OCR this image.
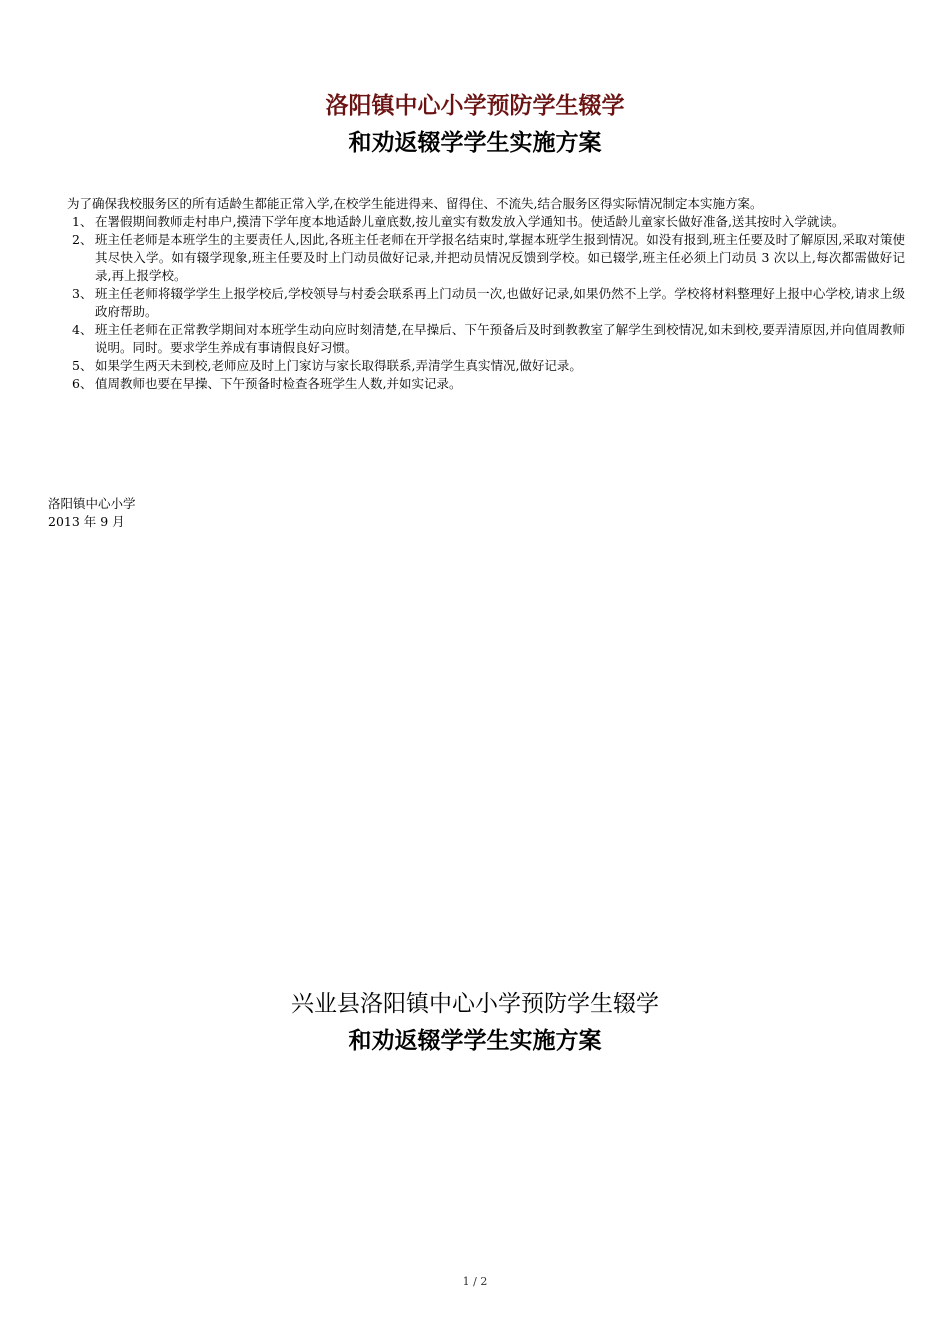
洛阳镇中心小学预防学生辍学
和劝返辍学学生实施方案
为了确保我校服务区的所有适龄生都能正常入学,在校学生能进得来、留得住、不流失,结合服务区得实际情况制定本实施方案。
1、 在署假期间教师走村串户,摸清下学年度本地适龄儿童底数,按儿童实有数发放入学通知书。使适龄儿童家长做好准备,送其按时入学就读。
2、 班主任老师是本班学生的主要责任人,因此,各班主任老师在开学报名结束时,掌握本班学生报到情况。如没有报到,班主任要及时了解原因,采取对策使其尽快入学。如有辍学现象,班主任要及时上门动员做好记录,并把动员情况反馈到学校。如已辍学,班主任必须上门动员 3 次以上,每次都需做好记录,再上报学校。
3、 班主任老师将辍学学生上报学校后,学校领导与村委会联系再上门动员一次,也做好记录,如果仍然不上学。学校将材料整理好上报中心学校,请求上级政府帮助。
4、 班主任老师在正常教学期间对本班学生动向应时刻清楚,在早操后、下午预备后及时到教教室了解学生到校情况,如未到校,要弄清原因,并向值周教师说明。同时。要求学生养成有事请假良好习惯。
5、 如果学生两天未到校,老师应及时上门家访与家长取得联系,弄清学生真实情况,做好记录。
6、 值周教师也要在早操、下午预备时检查各班学生人数,并如实记录。
洛阳镇中心小学
2013 年 9 月
兴业县洛阳镇中心小学预防学生辍学
和劝返辍学学生实施方案
1 / 2
